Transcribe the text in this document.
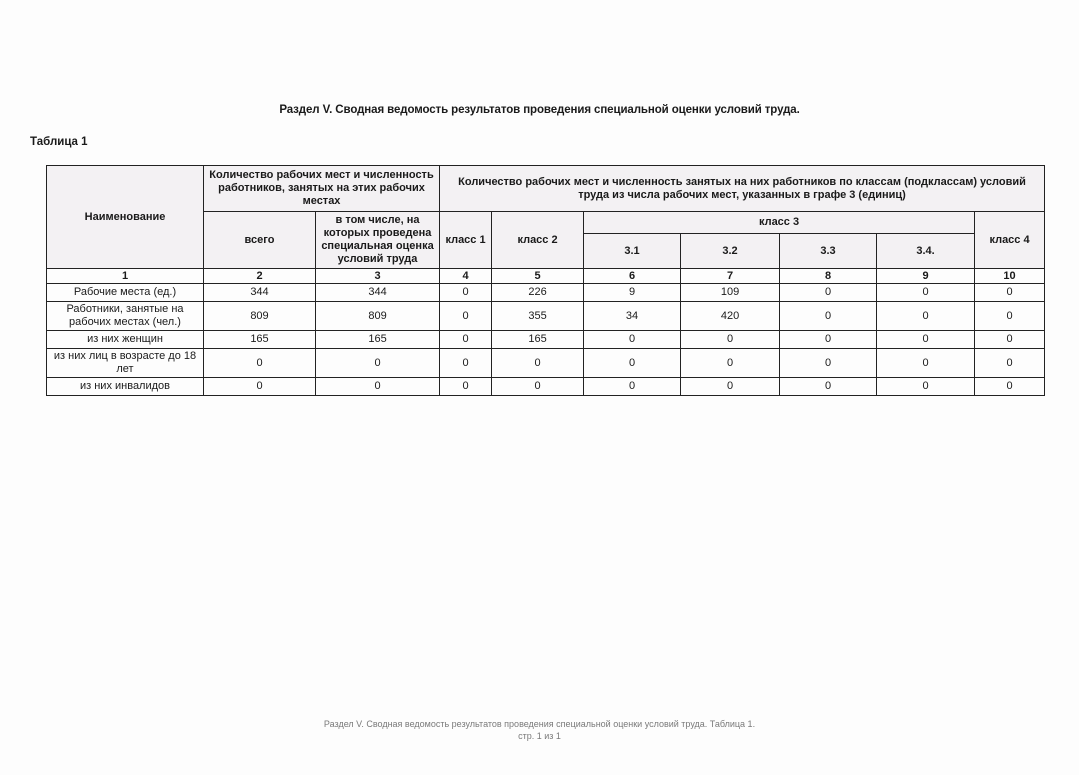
Раздел V. Сводная ведомость результатов проведения специальной оценки условий труда.
Таблица 1
Наименование	Количество рабочих мест и численность работников, занятых на этих рабочих местах		Количество рабочих мест и численность занятых на них работников по классам (подклассам) условий труда из числа рабочих мест, указанных в графе 3 (единиц)						
	всего	в том числе, на которых проведена специальная оценка условий труда	класс 1	класс 2	класс 3				класс 4
					3.1	3.2	3.3	3.4.	
1	2	3	4	5	6	7	8	9	10
Рабочие места (ед.)	344	344	0	226	9	109	0	0	0
Работники, занятые на рабочих местах (чел.)	809	809	0	355	34	420	0	0	0
из них женщин	165	165	0	165	0	0	0	0	0
из них лиц в возрасте до 18 лет	0	0	0	0	0	0	0	0	0
из них инвалидов	0	0	0	0	0	0	0	0	0
Раздел V. Сводная ведомость результатов проведения специальной оценки условий труда. Таблица 1.
стр. 1 из 1
